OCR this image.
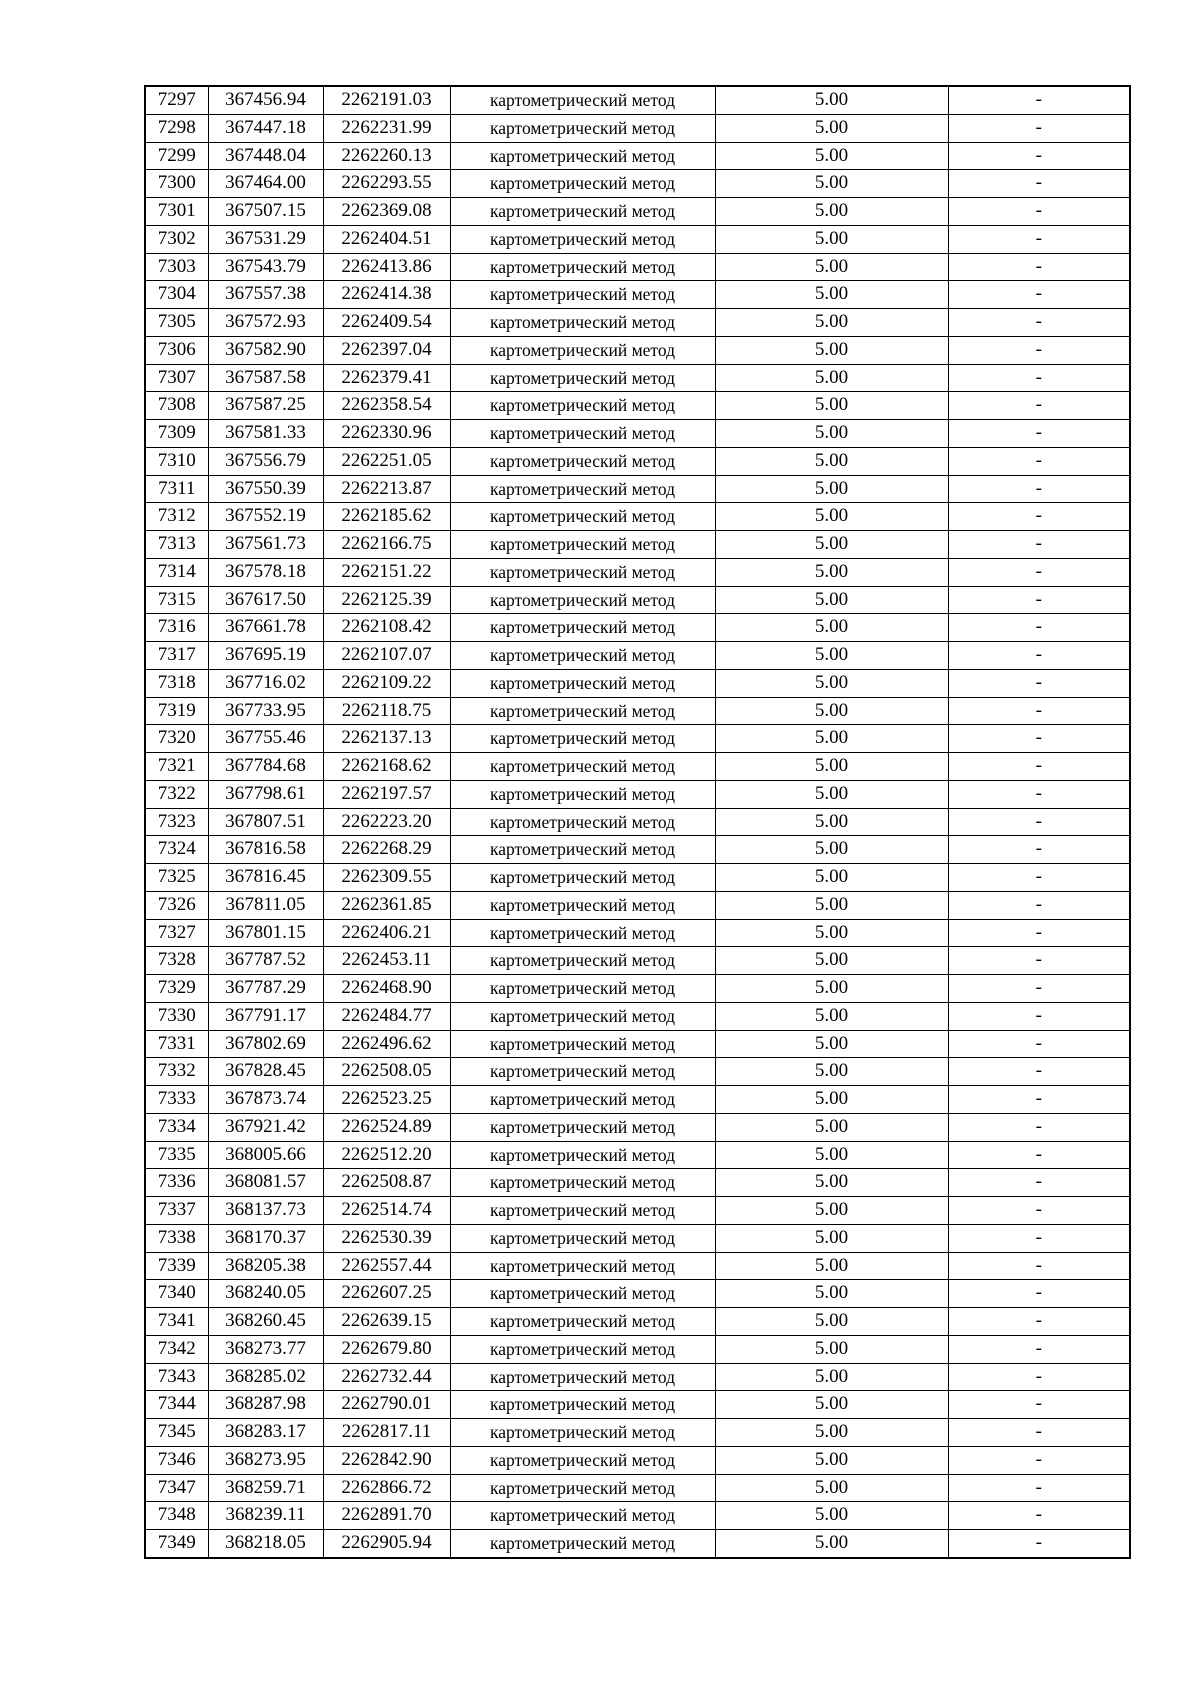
7297	367456.94	2262191.03	картометрический метод	5.00	-
7298	367447.18	2262231.99	картометрический метод	5.00	-
7299	367448.04	2262260.13	картометрический метод	5.00	-
7300	367464.00	2262293.55	картометрический метод	5.00	-
7301	367507.15	2262369.08	картометрический метод	5.00	-
7302	367531.29	2262404.51	картометрический метод	5.00	-
7303	367543.79	2262413.86	картометрический метод	5.00	-
7304	367557.38	2262414.38	картометрический метод	5.00	-
7305	367572.93	2262409.54	картометрический метод	5.00	-
7306	367582.90	2262397.04	картометрический метод	5.00	-
7307	367587.58	2262379.41	картометрический метод	5.00	-
7308	367587.25	2262358.54	картометрический метод	5.00	-
7309	367581.33	2262330.96	картометрический метод	5.00	-
7310	367556.79	2262251.05	картометрический метод	5.00	-
7311	367550.39	2262213.87	картометрический метод	5.00	-
7312	367552.19	2262185.62	картометрический метод	5.00	-
7313	367561.73	2262166.75	картометрический метод	5.00	-
7314	367578.18	2262151.22	картометрический метод	5.00	-
7315	367617.50	2262125.39	картометрический метод	5.00	-
7316	367661.78	2262108.42	картометрический метод	5.00	-
7317	367695.19	2262107.07	картометрический метод	5.00	-
7318	367716.02	2262109.22	картометрический метод	5.00	-
7319	367733.95	2262118.75	картометрический метод	5.00	-
7320	367755.46	2262137.13	картометрический метод	5.00	-
7321	367784.68	2262168.62	картометрический метод	5.00	-
7322	367798.61	2262197.57	картометрический метод	5.00	-
7323	367807.51	2262223.20	картометрический метод	5.00	-
7324	367816.58	2262268.29	картометрический метод	5.00	-
7325	367816.45	2262309.55	картометрический метод	5.00	-
7326	367811.05	2262361.85	картометрический метод	5.00	-
7327	367801.15	2262406.21	картометрический метод	5.00	-
7328	367787.52	2262453.11	картометрический метод	5.00	-
7329	367787.29	2262468.90	картометрический метод	5.00	-
7330	367791.17	2262484.77	картометрический метод	5.00	-
7331	367802.69	2262496.62	картометрический метод	5.00	-
7332	367828.45	2262508.05	картометрический метод	5.00	-
7333	367873.74	2262523.25	картометрический метод	5.00	-
7334	367921.42	2262524.89	картометрический метод	5.00	-
7335	368005.66	2262512.20	картометрический метод	5.00	-
7336	368081.57	2262508.87	картометрический метод	5.00	-
7337	368137.73	2262514.74	картометрический метод	5.00	-
7338	368170.37	2262530.39	картометрический метод	5.00	-
7339	368205.38	2262557.44	картометрический метод	5.00	-
7340	368240.05	2262607.25	картометрический метод	5.00	-
7341	368260.45	2262639.15	картометрический метод	5.00	-
7342	368273.77	2262679.80	картометрический метод	5.00	-
7343	368285.02	2262732.44	картометрический метод	5.00	-
7344	368287.98	2262790.01	картометрический метод	5.00	-
7345	368283.17	2262817.11	картометрический метод	5.00	-
7346	368273.95	2262842.90	картометрический метод	5.00	-
7347	368259.71	2262866.72	картометрический метод	5.00	-
7348	368239.11	2262891.70	картометрический метод	5.00	-
7349	368218.05	2262905.94	картометрический метод	5.00	-
